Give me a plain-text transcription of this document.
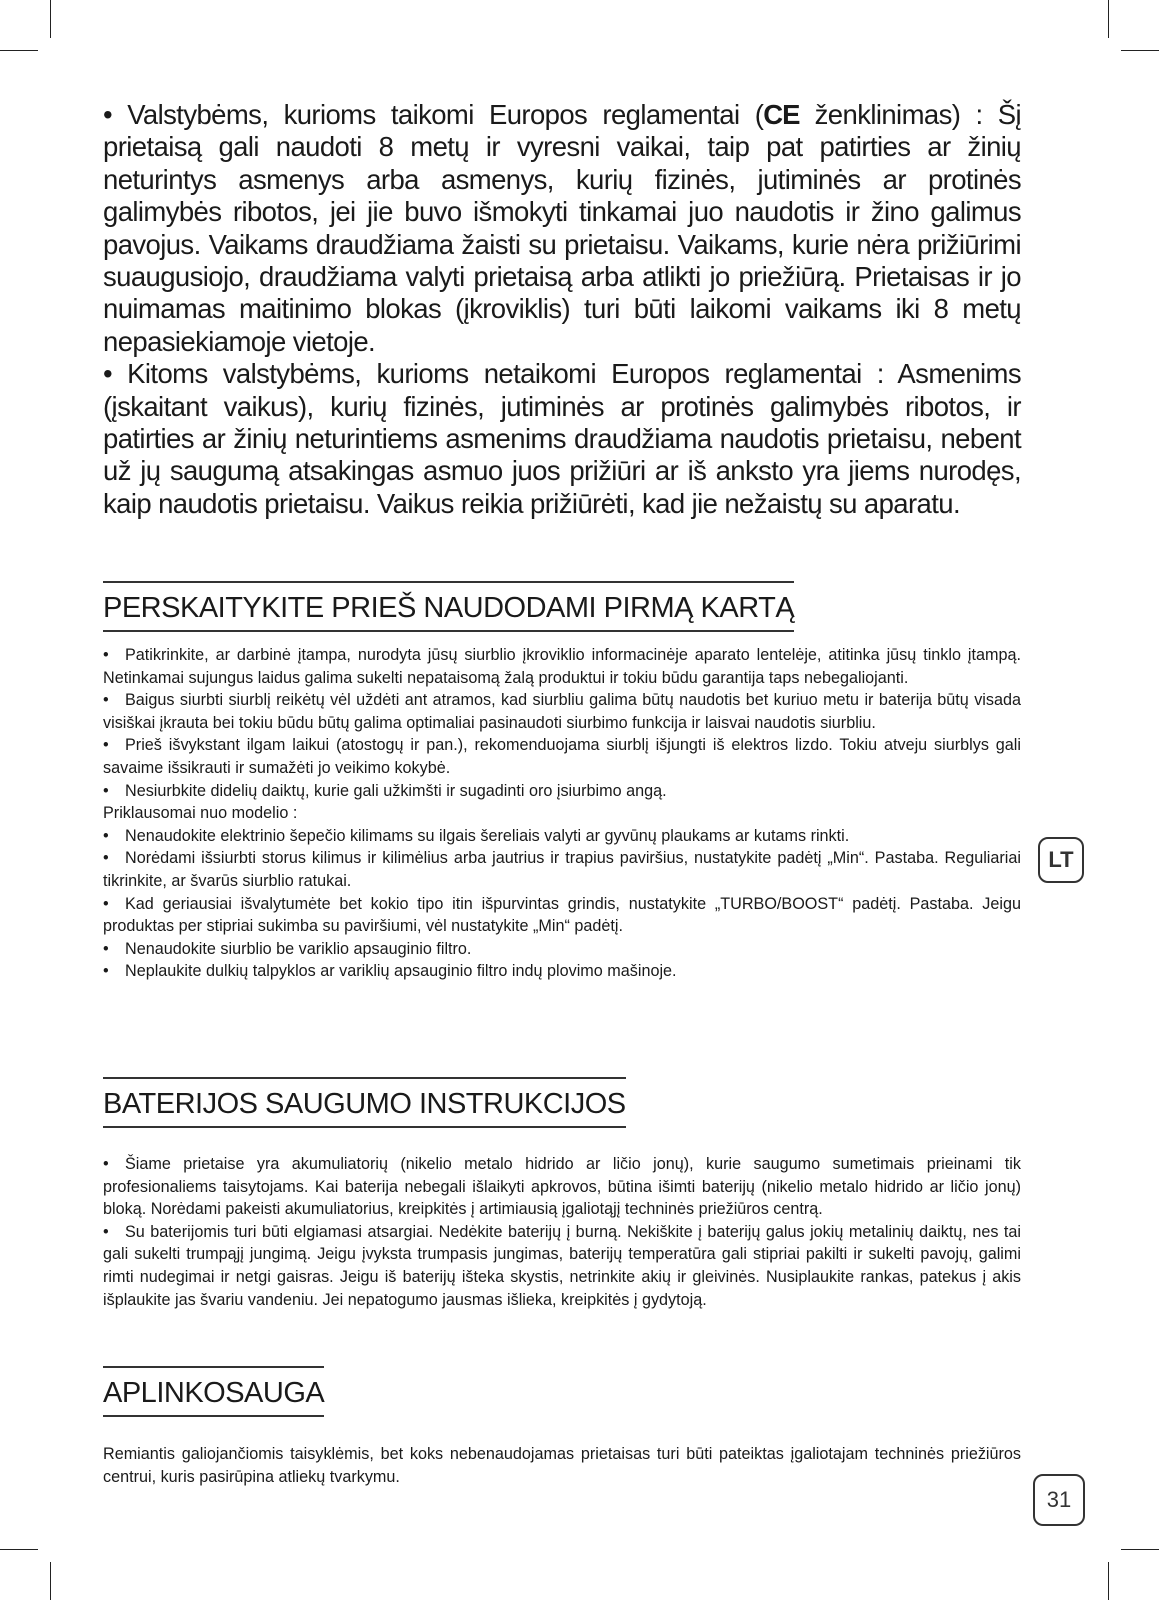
• Valstybėms, kurioms taikomi Europos reglamentai (CE ženklinimas) : Šį prietaisą gali naudoti 8 metų ir vyresni vaikai, taip pat patirties ar žinių neturintys asmenys arba asmenys, kurių fizinės, jutiminės ar protinės galimybės ribotos, jei jie buvo išmokyti tinkamai juo naudotis ir žino galimus pavojus. Vaikams draudžiama žaisti su prietaisu. Vaikams, kurie nėra prižiūrimi suaugusiojo, draudžiama valyti prietaisą arba atlikti jo priežiūrą. Prietaisas ir jo nuimamas maitinimo blokas (įkroviklis) turi būti laikomi vaikams iki 8 metų nepasiekiamoje vietoje.

• Kitoms valstybėms, kurioms netaikomi Europos reglamentai : Asmenims (įskaitant vaikus), kurių fizinės, jutiminės ar protinės galimybės ribotos, ir patirties ar žinių neturintiems asmenims draudžiama naudotis prietaisu, nebent už jų saugumą atsakingas asmuo juos prižiūri ar iš anksto yra jiems nurodęs, kaip naudotis prietaisu. Vaikus reikia prižiūrėti, kad jie nežaistų su aparatu.

PERSKAITYKITE PRIEŠ NAUDODAMI PIRMĄ KARTĄ

• Patikrinkite, ar darbinė įtampa, nurodyta jūsų siurblio įkroviklio informacinėje aparato lentelėje, atitinka jūsų tinklo įtampą. Netinkamai sujungus laidus galima sukelti nepataisomą žalą produktui ir tokiu būdu garantija taps nebegaliojanti.

• Baigus siurbti siurblį reikėtų vėl uždėti ant atramos, kad siurbliu galima būtų naudotis bet kuriuo metu ir baterija būtų visada visiškai įkrauta bei tokiu būdu būtų galima optimaliai pasinaudoti siurbimo funkcija ir laisvai naudotis siurbliu.

• Prieš išvykstant ilgam laikui (atostogų ir pan.), rekomenduojama siurblį išjungti iš elektros lizdo. Tokiu atveju siurblys gali savaime išsikrauti ir sumažėti jo veikimo kokybė.

• Nesiurbkite didelių daiktų, kurie gali užkimšti ir sugadinti oro įsiurbimo angą.

Priklausomai nuo modelio :

• Nenaudokite elektrinio šepečio kilimams su ilgais šereliais valyti ar gyvūnų plaukams ar kutams rinkti.

• Norėdami išsiurbti storus kilimus ir kilimėlius arba jautrius ir trapius paviršius, nustatykite padėtį „Min“. Pastaba. Reguliariai tikrinkite, ar švarūs siurblio ratukai.

• Kad geriausiai išvalytumėte bet kokio tipo itin išpurvintas grindis, nustatykite „TURBO/BOOST“ padėtį. Pastaba. Jeigu produktas per stipriai sukimba su paviršiumi, vėl nustatykite „Min“ padėtį.

• Nenaudokite siurblio be variklio apsauginio filtro.

• Neplaukite dulkių talpyklos ar variklių apsauginio filtro indų plovimo mašinoje.

BATERIJOS SAUGUMO INSTRUKCIJOS

• Šiame prietaise yra akumuliatorių (nikelio metalo hidrido ar ličio jonų), kurie saugumo sumetimais prieinami tik profesionaliems taisytojams. Kai baterija nebegali išlaikyti apkrovos, būtina išimti baterijų (nikelio metalo hidrido ar ličio jonų) bloką. Norėdami pakeisti akumuliatorius, kreipkitės į artimiausią įgaliotąjį techninės priežiūros centrą.

• Su baterijomis turi būti elgiamasi atsargiai. Nedėkite baterijų į burną. Nekiškite į baterijų galus jokių metalinių daiktų, nes tai gali sukelti trumpąjį jungimą. Jeigu įvyksta trumpasis jungimas, baterijų temperatūra gali stipriai pakilti ir sukelti pavojų, galimi rimti nudegimai ir netgi gaisras. Jeigu iš baterijų išteka skystis, netrinkite akių ir gleivinės. Nusiplaukite rankas, patekus į akis išplaukite jas švariu vandeniu. Jei nepatogumo jausmas išlieka, kreipkitės į gydytoją.

APLINKOSAUGA

Remiantis galiojančiomis taisyklėmis, bet koks nebenaudojamas prietaisas turi būti pateiktas įgaliotajam techninės priežiūros centrui, kuris pasirūpina atliekų tvarkymu.

LT
31
